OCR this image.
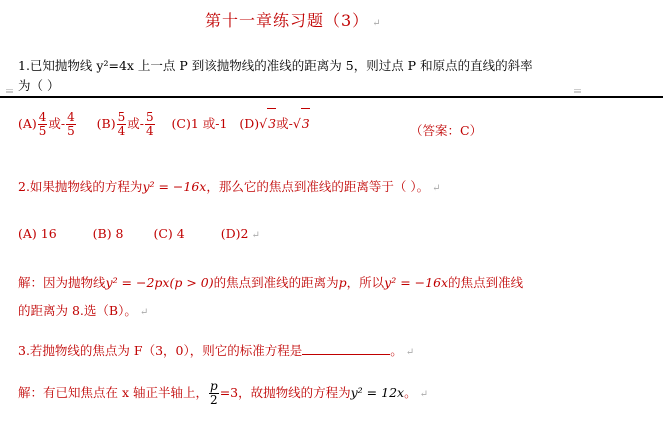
第十一章练习题（3） ↵
1.已知抛物线 y²=4x 上一点 P 到该抛物线的准线的距离为 5，则过点 P 和原点的直线的斜率
为（ ）
$(A) \frac{4}{5}$ 或- $\frac{4}{5} (B) \frac{5}{4}$ 或- $\frac{5}{4} (C)1$ 或-1 (D)√3或-√3	（答案：C）
2.如果抛物线的方程为y² = −16x，那么它的焦点到准线的距离等于（ ）。 ↵
(A) 16	(B) 8 (C) 4	(D)2 ↵
解：因为抛物线y² = −2px(p > 0)的焦点到准线的距离为p，所以y² = −16x的焦点到准线
的距离为 8.选（B）。 ↵
3.若抛物线的焦点为 F（3，0），则它的标准方程是	。 ↵
解：有已知焦点在 x 轴正半轴上， $\frac{p}{2} =3$，故抛物线的方程为y² = 12x。 ↵
